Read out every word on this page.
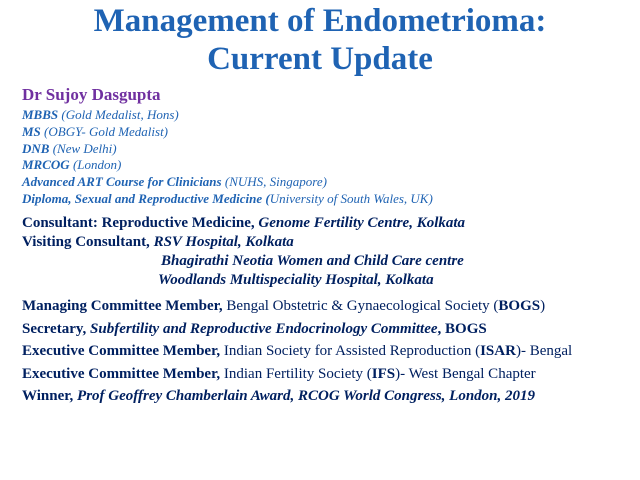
Management of Endometrioma:
Current Update
Dr Sujoy Dasgupta
MBBS (Gold Medalist, Hons)
MS (OBGY- Gold Medalist)
DNB (New Delhi)
MRCOG (London)
Advanced ART Course for Clinicians (NUHS, Singapore)
Diploma, Sexual and Reproductive Medicine (University of South Wales, UK)
Consultant: Reproductive Medicine, Genome Fertility Centre, Kolkata
Visiting Consultant, RSV Hospital, Kolkata
Bhagirathi Neotia Women and Child Care centre
Woodlands Multispeciality Hospital, Kolkata
Managing Committee Member, Bengal Obstetric & Gynaecological Society (BOGS)
Secretary, Subfertility and Reproductive Endocrinology Committee, BOGS
Executive Committee Member, Indian Society for Assisted Reproduction (ISAR)- Bengal
Executive Committee Member, Indian Fertility Society (IFS)- West Bengal Chapter
Winner, Prof Geoffrey Chamberlain Award, RCOG World Congress, London, 2019
